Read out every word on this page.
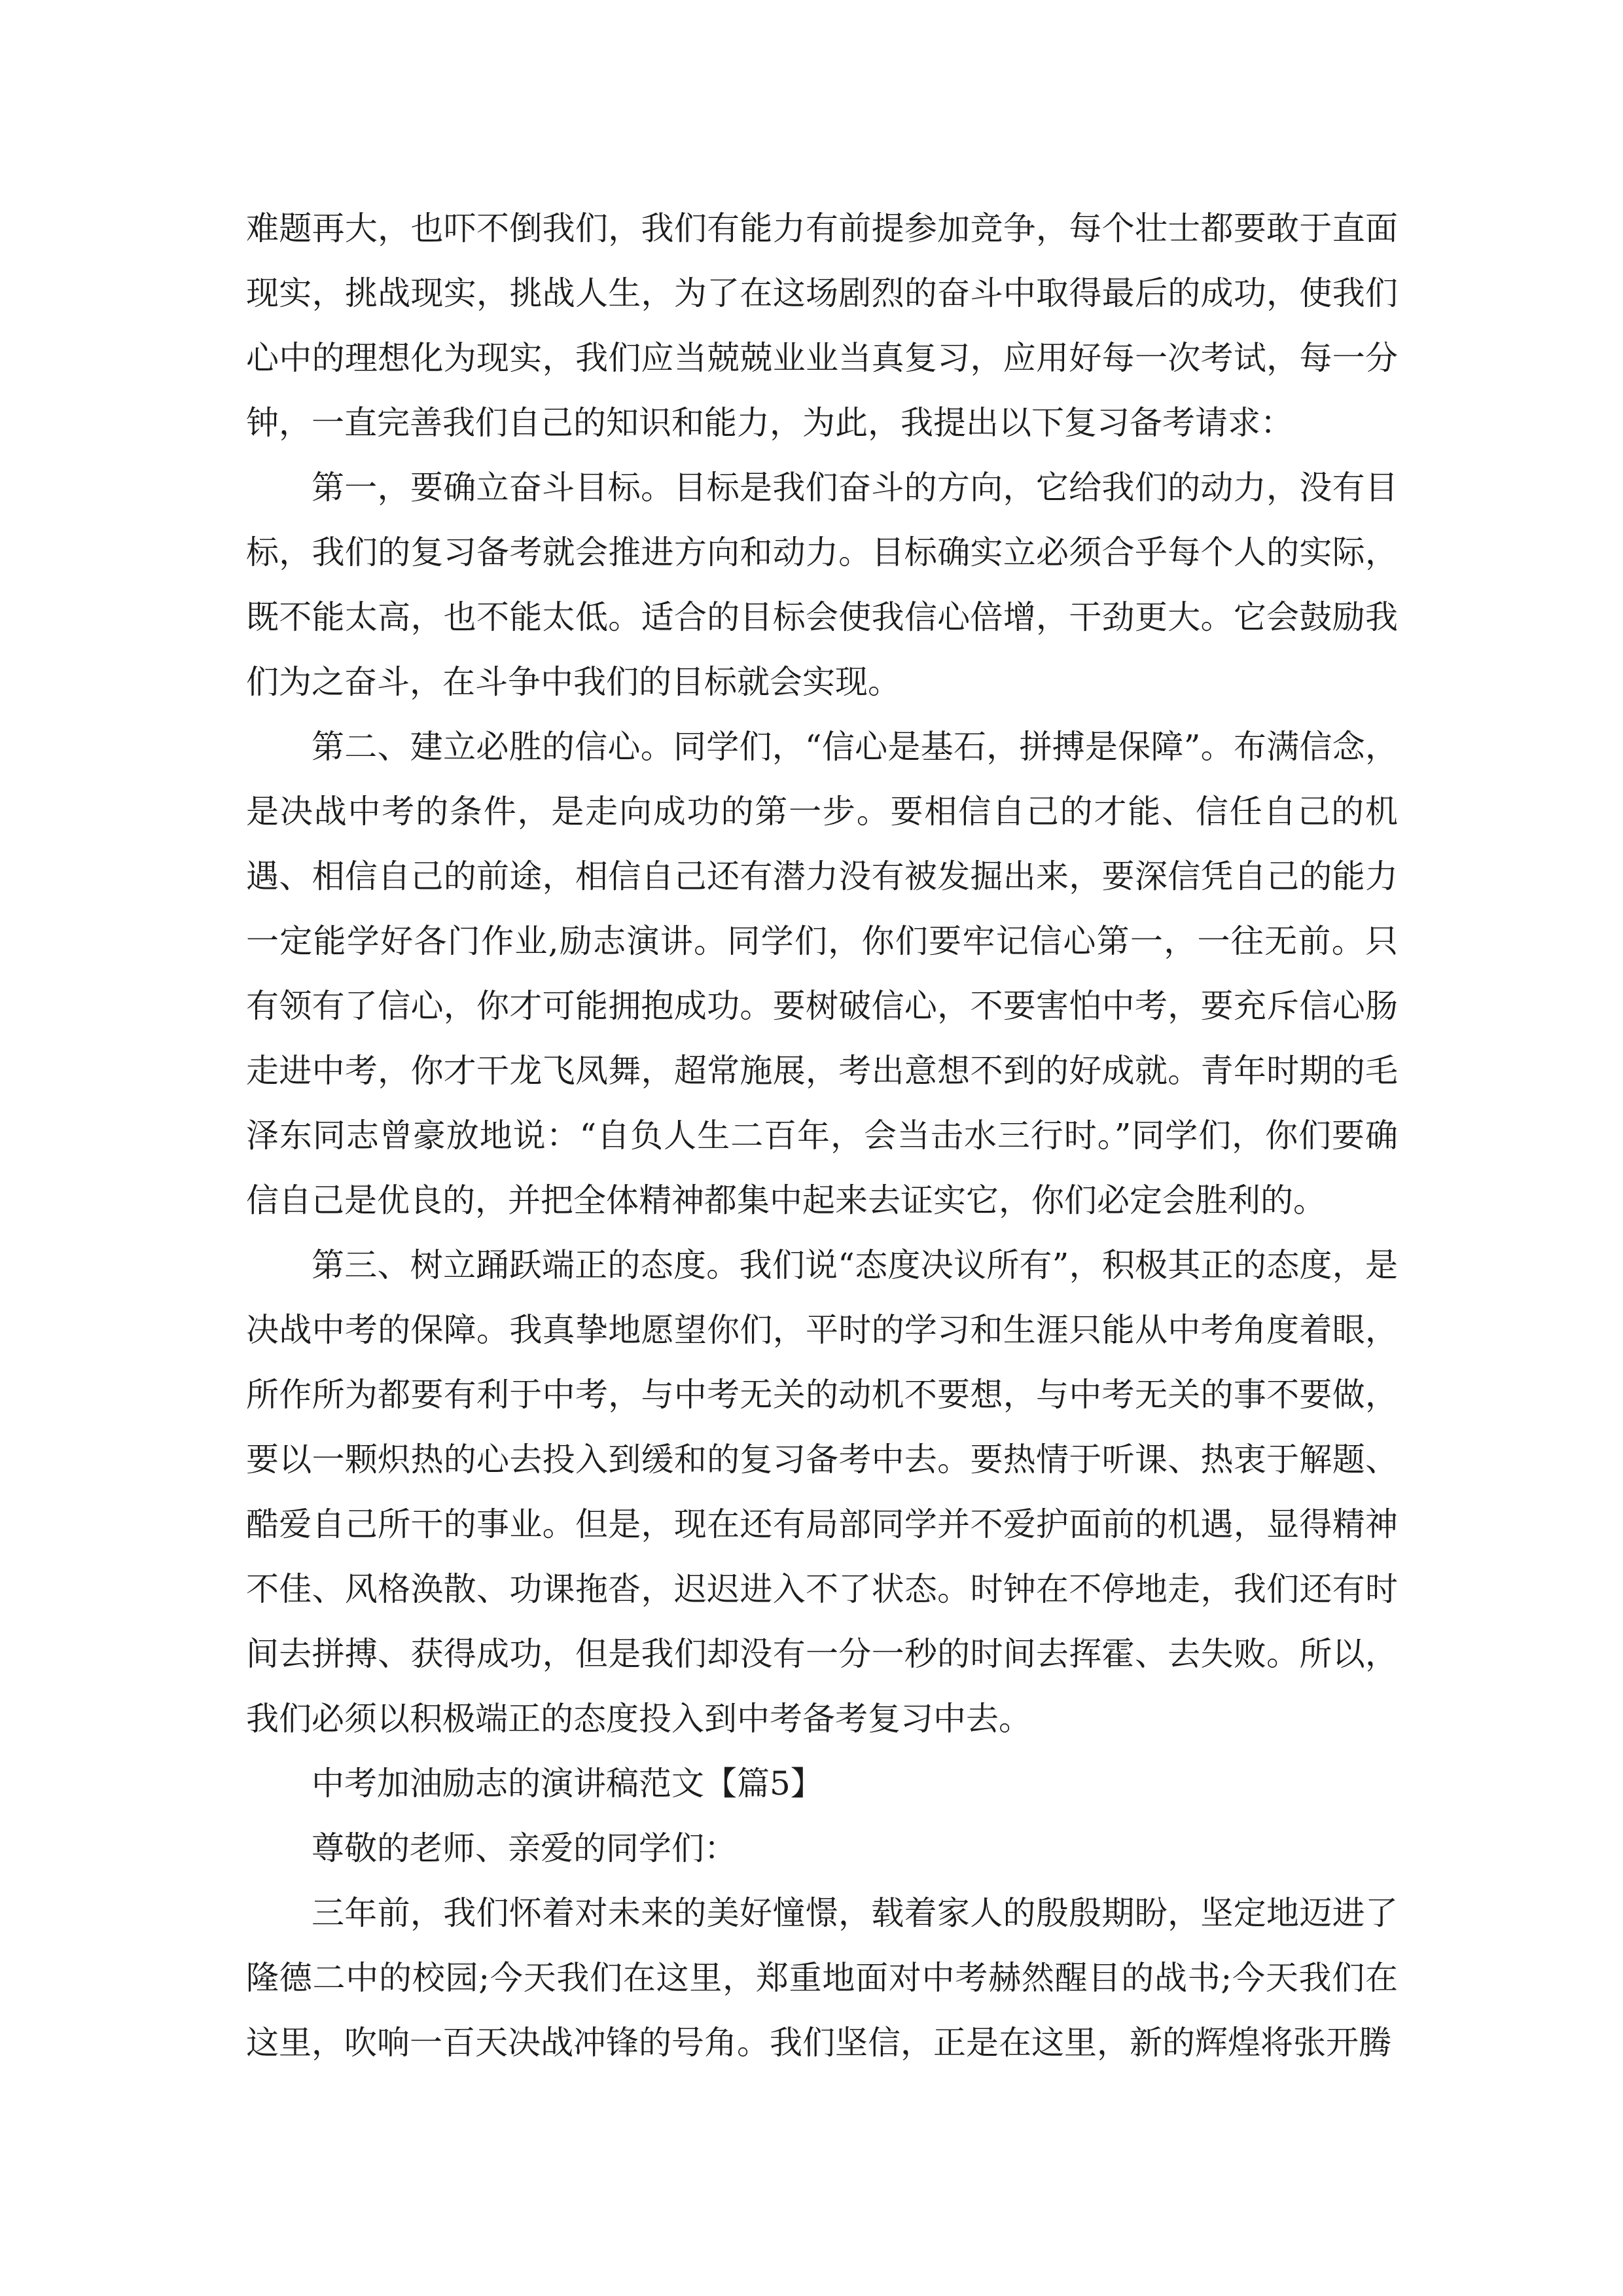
难题再大，也吓不倒我们，我们有能力有前提参加竞争，每个壮士都要敢于直面现实，挑战现实，挑战人生，为了在这场剧烈的奋斗中取得最后的成功，使我们心中的理想化为现实，我们应当兢兢业业当真复习，应用好每一次考试，每一分钟，一直完善我们自己的知识和能力，为此，我提出以下复习备考请求：

第一，要确立奋斗目标。目标是我们奋斗的方向，它给我们的动力，没有目标，我们的复习备考就会推进方向和动力。目标确实立必须合乎每个人的实际，既不能太高，也不能太低。适合的目标会使我信心倍增，干劲更大。它会鼓励我们为之奋斗，在斗争中我们的目标就会实现。

第二、建立必胜的信心。同学们，“信心是基石，拼搏是保障”。布满信念，是决战中考的条件，是走向成功的第一步。要相信自己的才能、信任自己的机遇、相信自己的前途，相信自己还有潜力没有被发掘出来，要深信凭自己的能力一定能学好各门作业,励志演讲。同学们，你们要牢记信心第一，一往无前。只有领有了信心，你才可能拥抱成功。要树破信心，不要害怕中考，要充斥信心肠走进中考，你才干龙飞凤舞，超常施展，考出意想不到的好成就。青年时期的毛泽东同志曾豪放地说：“自负人生二百年，会当击水三行时。”同学们，你们要确信自己是优良的，并把全体精神都集中起来去证实它，你们必定会胜利的。

第三、树立踊跃端正的态度。我们说“态度决议所有”，积极其正的态度，是决战中考的保障。我真挚地愿望你们，平时的学习和生涯只能从中考角度着眼，所作所为都要有利于中考，与中考无关的动机不要想，与中考无关的事不要做，要以一颗炽热的心去投入到缓和的复习备考中去。要热情于听课、热衷于解题、酷爱自己所干的事业。但是，现在还有局部同学并不爱护面前的机遇，显得精神不佳、风格涣散、功课拖沓，迟迟进入不了状态。时钟在不停地走，我们还有时间去拼搏、获得成功，但是我们却没有一分一秒的时间去挥霍、去失败。所以，我们必须以积极端正的态度投入到中考备考复习中去。

中考加油励志的演讲稿范文【篇5】

尊敬的老师、亲爱的同学们：

三年前，我们怀着对未来的美好憧憬，载着家人的殷殷期盼，坚定地迈进了隆德二中的校园;今天我们在这里，郑重地面对中考赫然醒目的战书;今天我们在这里，吹响一百天决战冲锋的号角。我们坚信，正是在这里，新的辉煌将张开腾
